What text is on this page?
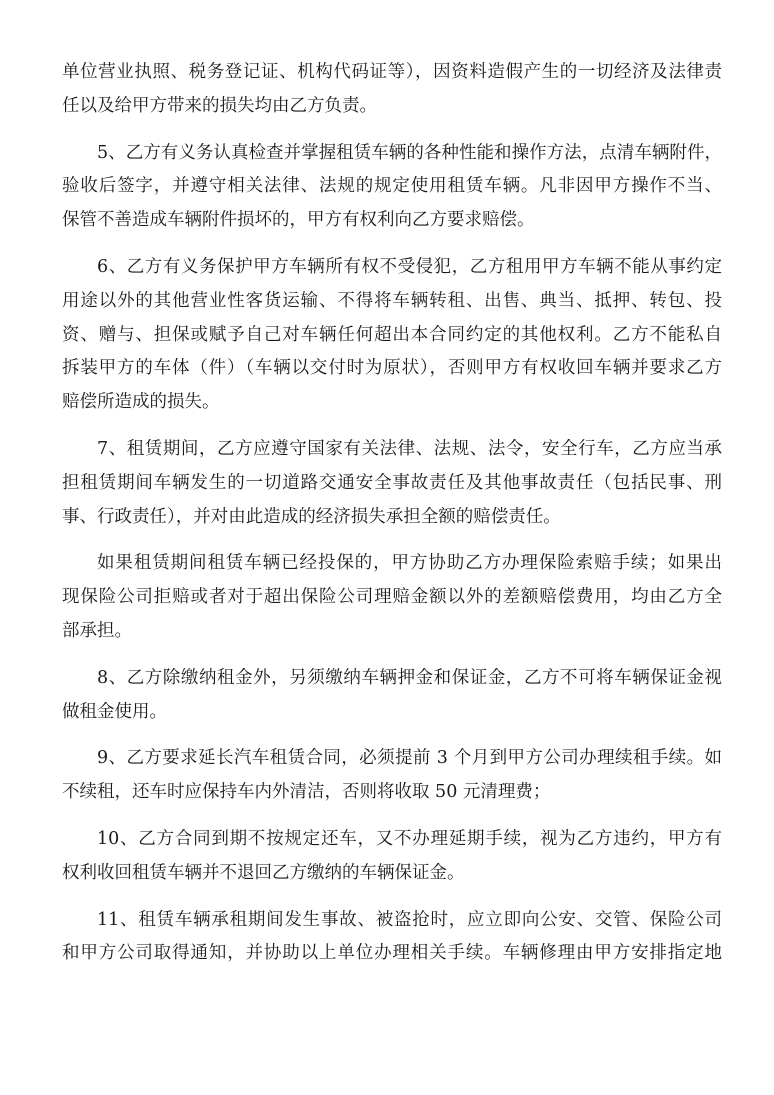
单位营业执照、税务登记证、机构代码证等），因资料造假产生的一切经济及法律责
任以及给甲方带来的损失均由乙方负责。
5、乙方有义务认真检查并掌握租赁车辆的各种性能和操作方法，点清车辆附件，
验收后签字，并遵守相关法律、法规的规定使用租赁车辆。凡非因甲方操作不当、
保管不善造成车辆附件损坏的，甲方有权利向乙方要求赔偿。
6、乙方有义务保护甲方车辆所有权不受侵犯，乙方租用甲方车辆不能从事约定
用途以外的其他营业性客货运输、不得将车辆转租、出售、典当、抵押、转包、投
资、赠与、担保或赋予自己对车辆任何超出本合同约定的其他权利。乙方不能私自
拆装甲方的车体（件）（车辆以交付时为原状），否则甲方有权收回车辆并要求乙方
赔偿所造成的损失。
7、租赁期间，乙方应遵守国家有关法律、法规、法令，安全行车，乙方应当承
担租赁期间车辆发生的一切道路交通安全事故责任及其他事故责任（包括民事、刑
事、行政责任），并对由此造成的经济损失承担全额的赔偿责任。
如果租赁期间租赁车辆已经投保的，甲方协助乙方办理保险索赔手续；如果出
现保险公司拒赔或者对于超出保险公司理赔金额以外的差额赔偿费用，均由乙方全
部承担。
8、乙方除缴纳租金外，另须缴纳车辆押金和保证金，乙方不可将车辆保证金视
做租金使用。
9、乙方要求延长汽车租赁合同，必须提前 3 个月到甲方公司办理续租手续。如
不续租，还车时应保持车内外清洁，否则将收取 50 元清理费；
10、乙方合同到期不按规定还车，又不办理延期手续，视为乙方违约，甲方有
权利收回租赁车辆并不退回乙方缴纳的车辆保证金。
11、租赁车辆承租期间发生事故、被盗抢时，应立即向公安、交管、保险公司
和甲方公司取得通知，并协助以上单位办理相关手续。车辆修理由甲方安排指定地
